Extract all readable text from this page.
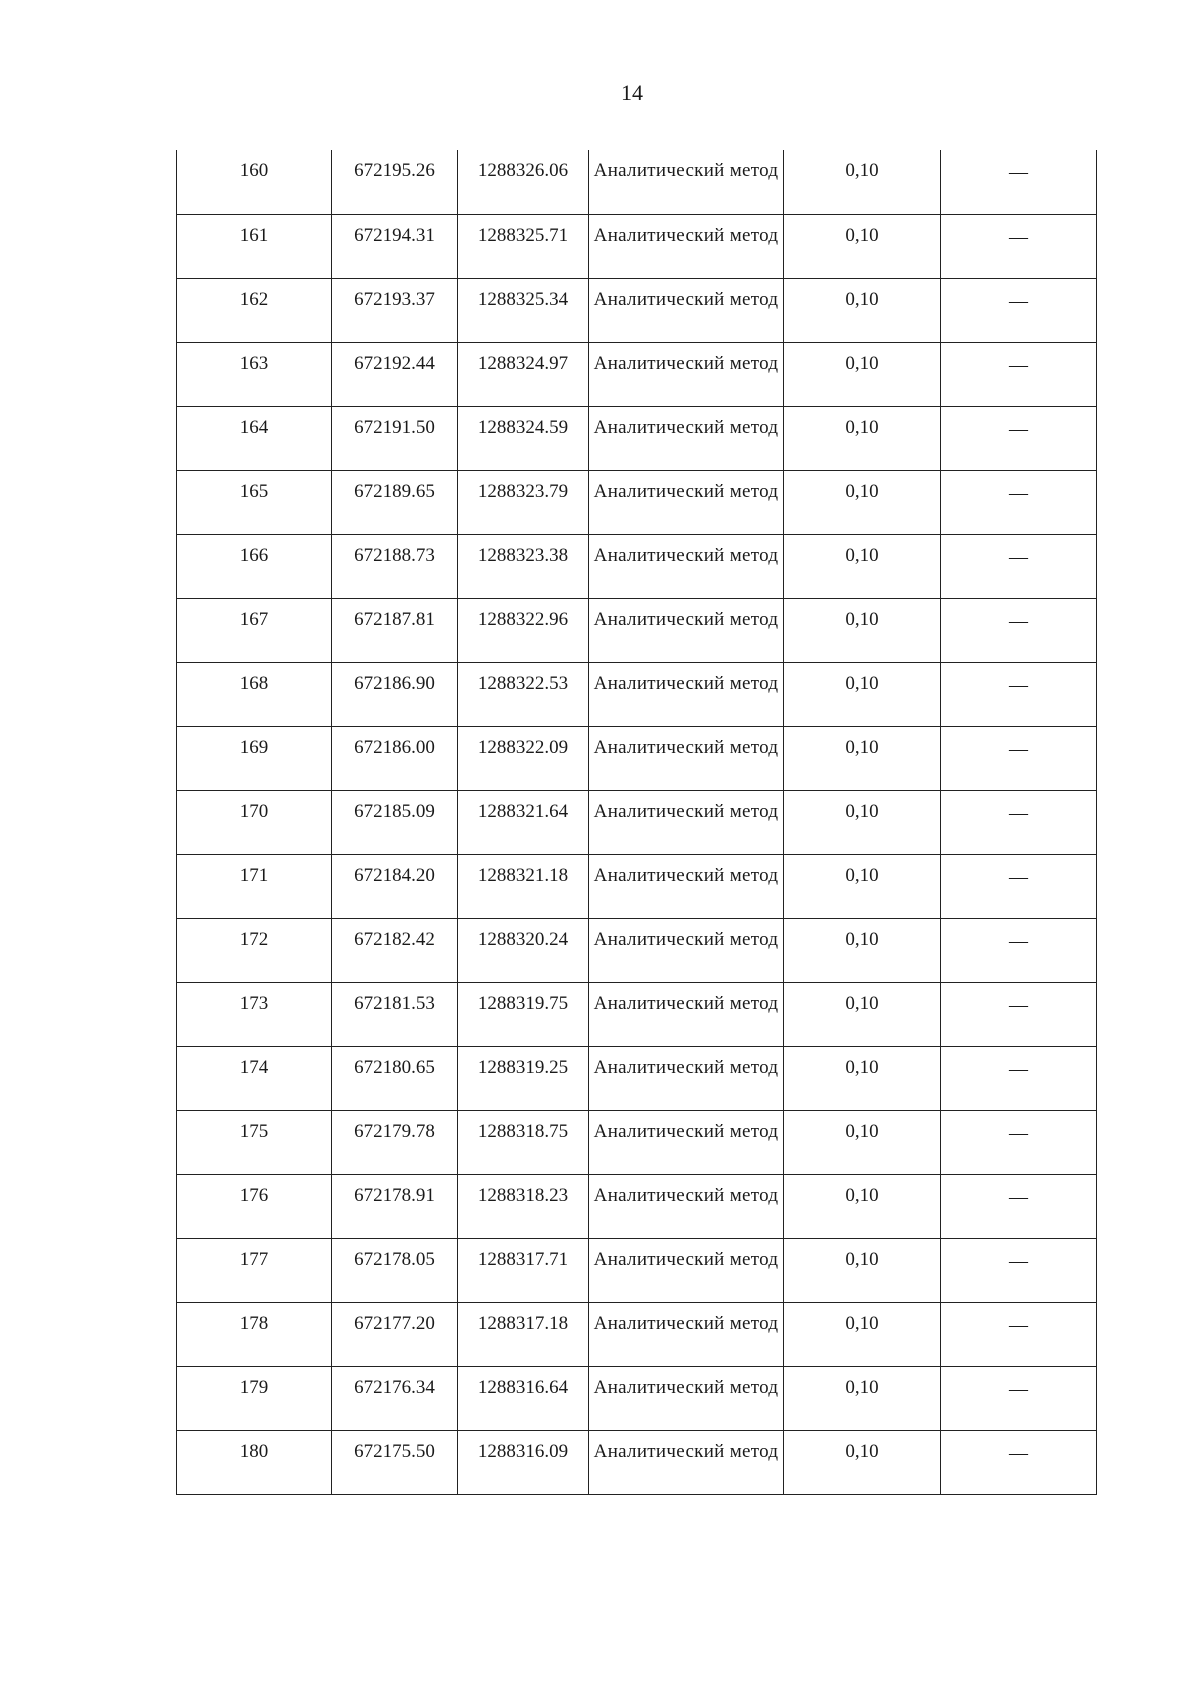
14
160	672195.26	1288326.06	Аналитический метод	0,10	—
161	672194.31	1288325.71	Аналитический метод	0,10	—
162	672193.37	1288325.34	Аналитический метод	0,10	—
163	672192.44	1288324.97	Аналитический метод	0,10	—
164	672191.50	1288324.59	Аналитический метод	0,10	—
165	672189.65	1288323.79	Аналитический метод	0,10	—
166	672188.73	1288323.38	Аналитический метод	0,10	—
167	672187.81	1288322.96	Аналитический метод	0,10	—
168	672186.90	1288322.53	Аналитический метод	0,10	—
169	672186.00	1288322.09	Аналитический метод	0,10	—
170	672185.09	1288321.64	Аналитический метод	0,10	—
171	672184.20	1288321.18	Аналитический метод	0,10	—
172	672182.42	1288320.24	Аналитический метод	0,10	—
173	672181.53	1288319.75	Аналитический метод	0,10	—
174	672180.65	1288319.25	Аналитический метод	0,10	—
175	672179.78	1288318.75	Аналитический метод	0,10	—
176	672178.91	1288318.23	Аналитический метод	0,10	—
177	672178.05	1288317.71	Аналитический метод	0,10	—
178	672177.20	1288317.18	Аналитический метод	0,10	—
179	672176.34	1288316.64	Аналитический метод	0,10	—
180	672175.50	1288316.09	Аналитический метод	0,10	—
